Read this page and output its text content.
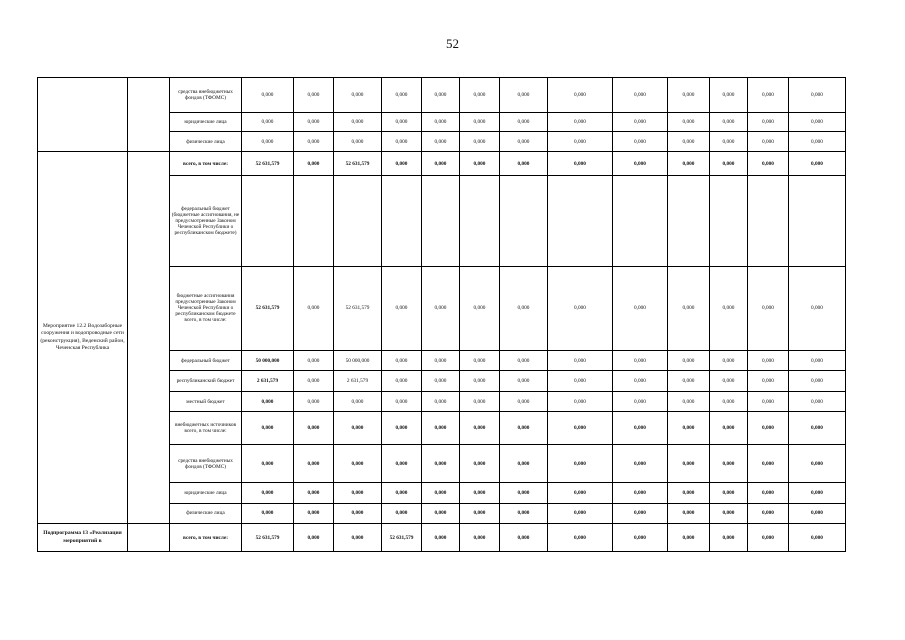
52
		средства внебюджетных фондов (ТФОМС)	0,000	0,000	0,000	0,000	0,000	0,000	0,000	0,000	0,000	0,000	0,000	0,000	0,000
		юридические лица	0,000	0,000	0,000	0,000	0,000	0,000	0,000	0,000	0,000	0,000	0,000	0,000	0,000
		физические лица	0,000	0,000	0,000	0,000	0,000	0,000	0,000	0,000	0,000	0,000	0,000	0,000	0,000
Мероприятие 12.2 Водозаборные сооружения и водопроводные сети (реконструкция), Веденский район, Чеченская Республика		всего, в том числе:	52 631,579	0,000	52 631,579	0,000	0,000	0,000	0,000	0,000	0,000	0,000	0,000	0,000	0,000
		федеральный бюджет (бюджетные ассигнования, не предусмотренные Законом Чеченской Республики о республиканском бюджете)													
		бюджетные ассигнования предусмотренные Законом Чеченской Республики о республиканском бюджете всего, в том числе:	52 631,579	0,000	52 631,579	0,000	0,000	0,000	0,000	0,000	0,000	0,000	0,000	0,000	0,000
		федеральный бюджет	50 000,000	0,000	50 000,000	0,000	0,000	0,000	0,000	0,000	0,000	0,000	0,000	0,000	0,000
		республиканский бюджет	2 631,579	0,000	2 631,579	0,000	0,000	0,000	0,000	0,000	0,000	0,000	0,000	0,000	0,000
		местный бюджет	0,000	0,000	0,000	0,000	0,000	0,000	0,000	0,000	0,000	0,000	0,000	0,000	0,000
		внебюджетных источников всего, в том числе:	0,000	0,000	0,000	0,000	0,000	0,000	0,000	0,000	0,000	0,000	0,000	0,000	0,000
		средства внебюджетных фондов (ТФОМС)	0,000	0,000	0,000	0,000	0,000	0,000	0,000	0,000	0,000	0,000	0,000	0,000	0,000
		юридические лица	0,000	0,000	0,000	0,000	0,000	0,000	0,000	0,000	0,000	0,000	0,000	0,000	0,000
		физические лица	0,000	0,000	0,000	0,000	0,000	0,000	0,000	0,000	0,000	0,000	0,000	0,000	0,000
Подпрограмма 13 «Реализация мероприятий в		всего, в том числе:	52 631,579	0,000	0,000	52 631,579	0,000	0,000	0,000	0,000	0,000	0,000	0,000	0,000	0,000
